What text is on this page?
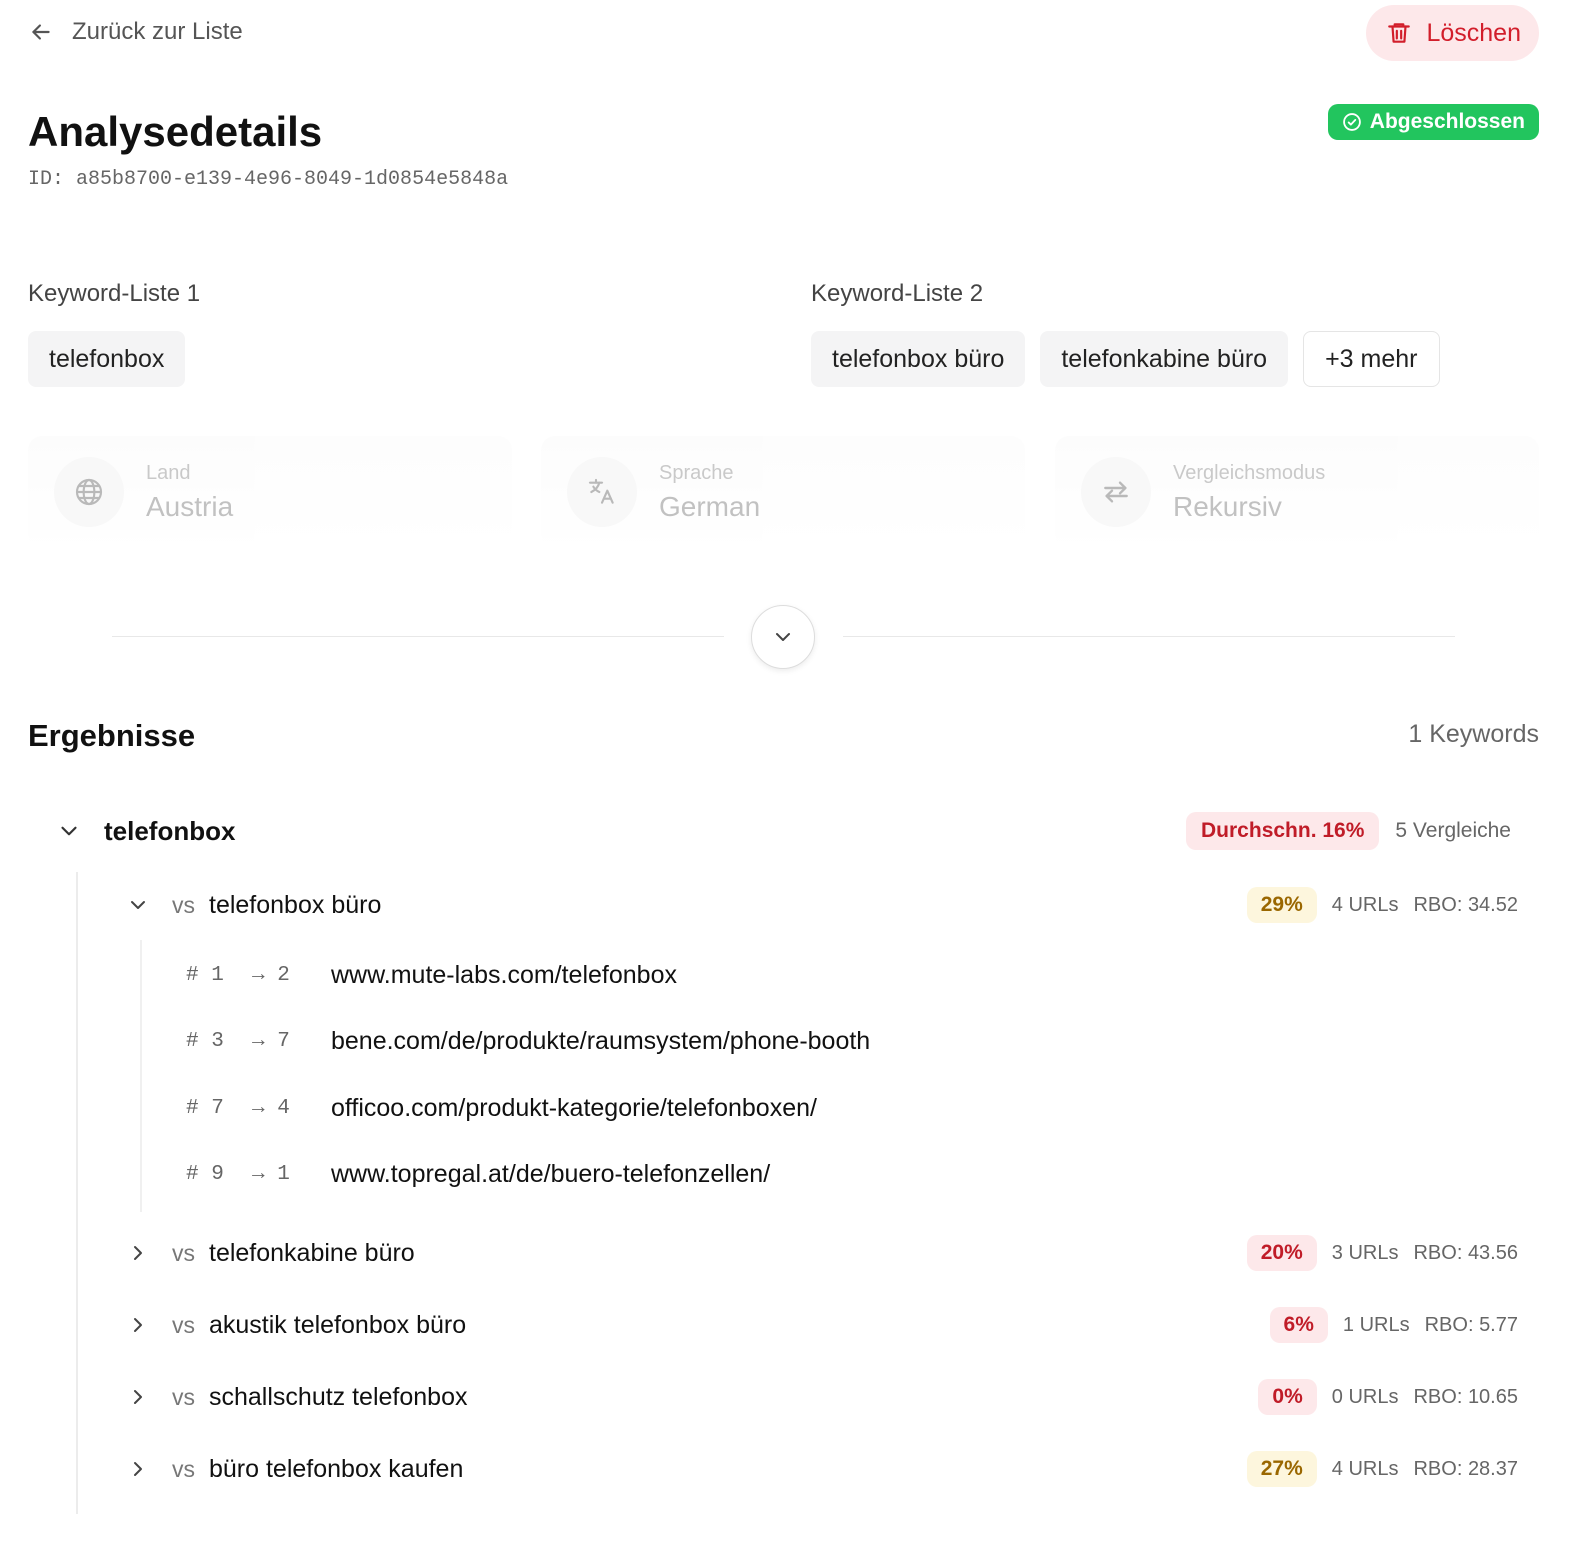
Zurück zur Liste	Löschen
Analysedetails
ID: a85b8700-e139-4e96-8049-1d0854e5848a
Abgeschlossen
Keyword-Liste 1
telefonbox
Keyword-Liste 2
telefonbox büro	telefonkabine büro	+3 mehr
Land
Austria
Sprache
German
Vergleichsmodus
Rekursiv
Ergebnisse	1 Keywords
telefonbox	Durchschn. 16%	5 Vergleiche
vs telefonbox büro	29%	4 URLs RBO: 34.52
# 1	→ 2	www.mute-labs.com/telefonbox
# 3	→ 7	bene.com/de/produkte/raumsystem/phone-booth
# 7	→ 4	officoo.com/produkt-kategorie/telefonboxen/
# 9	→ 1	www.topregal.at/de/buero-telefonzellen/
vs telefonkabine büro	20%	3 URLs RBO: 43.56
vs akustik telefonbox büro	6%	1 URLs RBO: 5.77
vs schallschutz telefonbox	0%	0 URLs RBO: 10.65
vs büro telefonbox kaufen	27%	4 URLs RBO: 28.37
